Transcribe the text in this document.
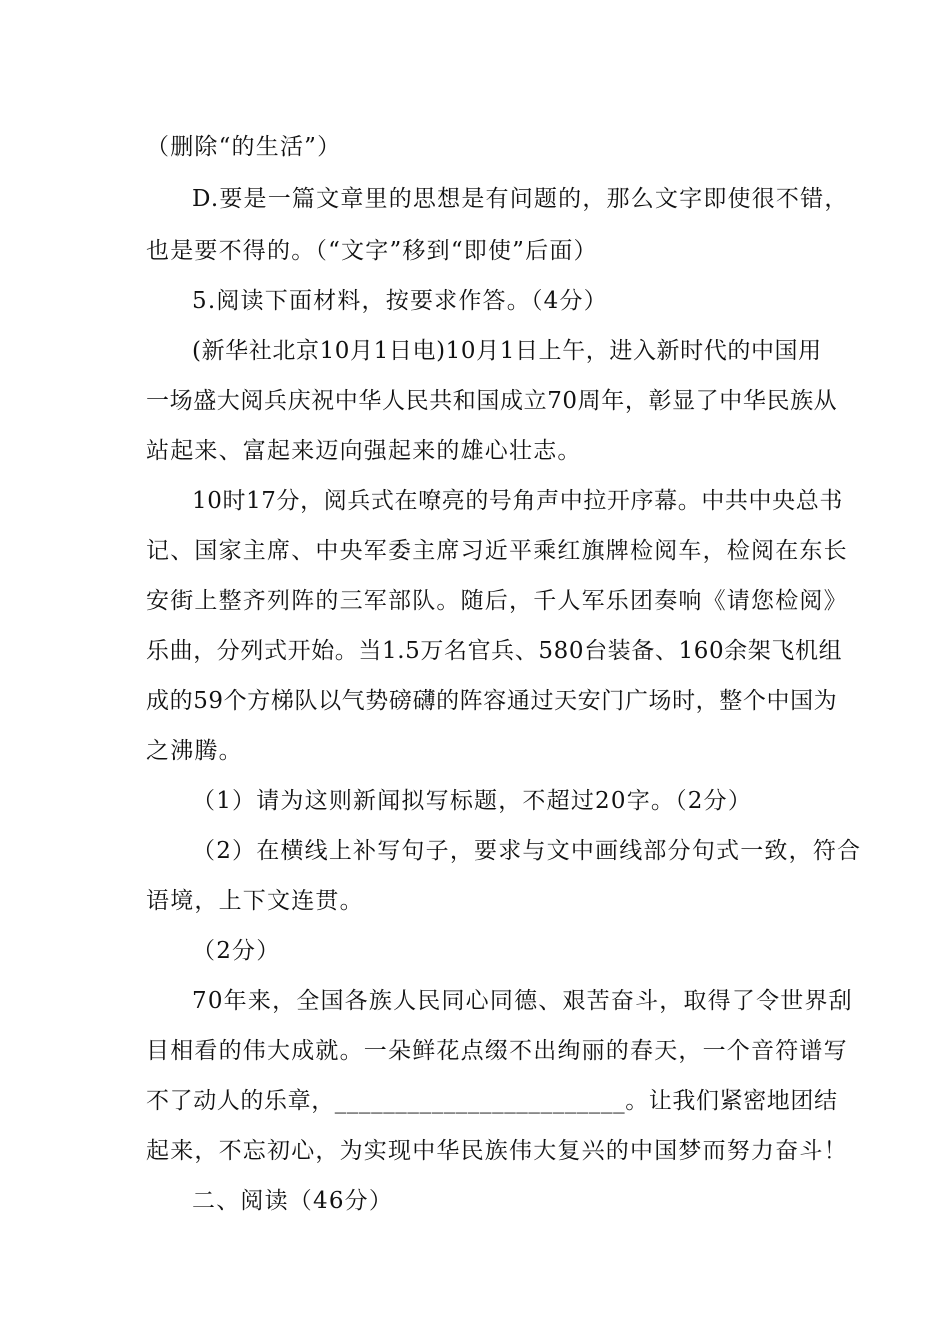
（删除“的生活”）
D.要是一篇文章里的思想是有问题的，那么文字即使很不错，
也是要不得的。（“文字”移到“即使”后面）
5.阅读下面材料，按要求作答。（4分）
(新华社北京10月1日电)10月1日上午，进入新时代的中国用
一场盛大阅兵庆祝中华人民共和国成立70周年，彰显了中华民族从
站起来、富起来迈向强起来的雄心壮志。
10时17分，阅兵式在嘹亮的号角声中拉开序幕。中共中央总书
记、国家主席、中央军委主席习近平乘红旗牌检阅车，检阅在东长
安街上整齐列阵的三军部队。随后，千人军乐团奏响《请您检阅》
乐曲，分列式开始。当1.5万名官兵、580台装备、160余架飞机组
成的59个方梯队以气势磅礴的阵容通过天安门广场时，整个中国为
之沸腾。
（1）请为这则新闻拟写标题，不超过20字。（2分）
（2）在横线上补写句子，要求与文中画线部分句式一致，符合
语境，上下文连贯。
（2分）
70年来，全国各族人民同心同德、艰苦奋斗，取得了令世界刮
目相看的伟大成就。一朵鲜花点缀不出绚丽的春天，一个音符谱写
不了动人的乐章，________________________。让我们紧密地团结
起来，不忘初心，为实现中华民族伟大复兴的中国梦而努力奋斗！
二、阅读（46分）
